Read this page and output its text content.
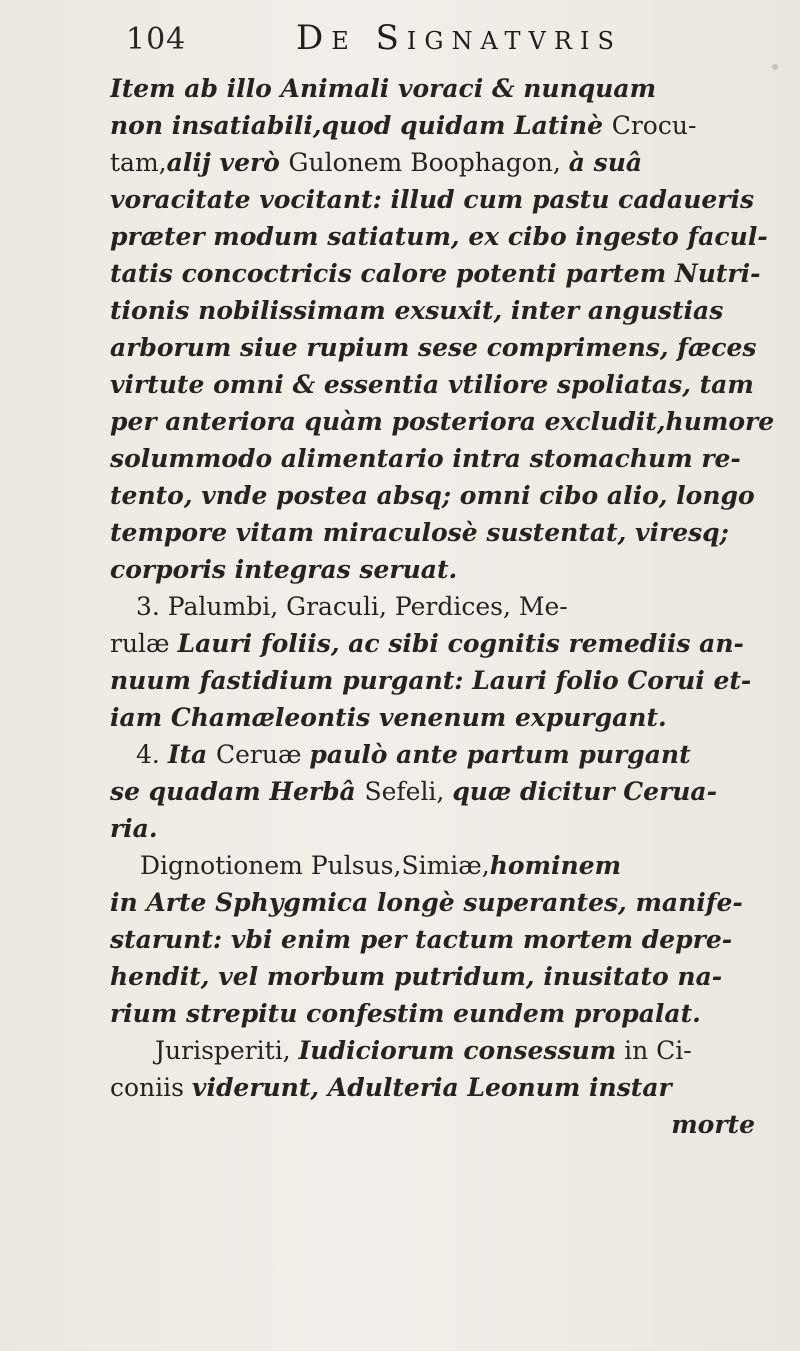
104	De Signatvris
Item ab illo Animali voraci & nunquam
non insatiabili,quod quidam Latinè Crocu-
tam,alij verò Gulonem Boophagon, à suâ
voracitate vocitant: illud cum pastu cadaueris
præter modum satiatum, ex cibo ingesto facul-
tatis concoctricis calore potenti partem Nutri-
tionis nobilissimam exsuxit, inter angustias
arborum siue rupium sese comprimens, fæces
virtute omni & essentia vtiliore spoliatas, tam
per anteriora quàm posteriora excludit,humore
solummodo alimentario intra stomachum re-
tento, vnde postea absq; omni cibo alio, longo
tempore vitam miraculosè sustentat, viresq;
corporis integras seruat.
3. Palumbi, Graculi, Perdices, Me-
rulæ Lauri foliis, ac sibi cognitis remediis an-
nuum fastidium purgant: Lauri folio Corui et-
iam Chamæleontis venenum expurgant.
4. Ita Ceruæ paulò ante partum purgant
se quadam Herbâ Sefeli, quæ dicitur Cerua-
ria.
Dignotionem Pulsus,Simiæ,hominem
in Arte Sphygmica longè superantes, manife-
starunt: vbi enim per tactum mortem depre-
hendit, vel morbum putridum, inusitato na-
rium strepitu confestim eundem propalat.
Jurisperiti, Iudiciorum consessum in Ci-
coniis viderunt, Adulteria Leonum instar
morte
